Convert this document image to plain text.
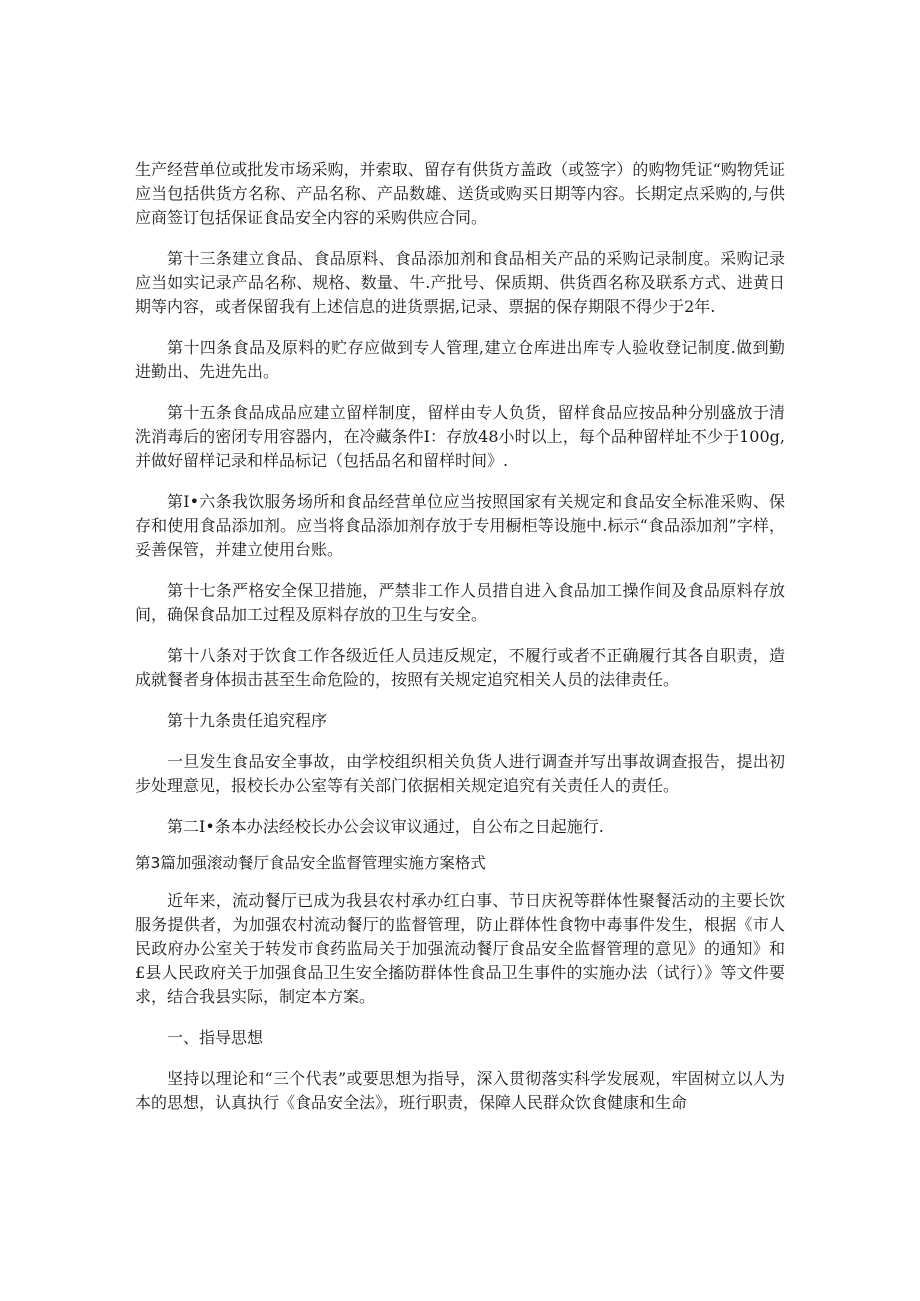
生产经营单位或批发市场采购，并索取、留存有供货方盖政（或签字）的购物凭证“购物凭证应当包括供货方名称、产品名称、产品数雄、送货或购买日期等内容。长期定点采购的,与供应商签订包括保证食品安全内容的采购供应合同。

第十三条建立食品、食品原料、食品添加剂和食品相关产品的采购记录制度。采购记录应当如实记录产品名称、规格、数量、牛.产批号、保质期、供货酉名称及联系方式、进黄日期等内容，或者保留我有上述信息的进货票据,记录、票据的保存期限不得少于2年.

第十四条食品及原料的贮存应做到专人管理,建立仓库进出库专人验收登记制度.做到勤进勤出、先进先出。

第十五条食品成品应建立留样制度，留样由专人负货，留样食品应按品种分别盛放于清洗消毒后的密闭专用容器内，在冷藏条件I：存放48小时以上，每个品种留样址不少于100g,并做好留样记录和样品标记（包括品名和留样时间》.

第I•六条我饮服务场所和食品经营单位应当按照国家有关规定和食品安全标准采购、保存和使用食品添加剂。应当将食品添加剂存放于专用橱柜等设施中.标示“食品添加剂”字样，妥善保管，并建立使用台账。

第十七条严格安全保卫措施，严禁非工作人员措自进入食品加工操作间及食品原料存放间，确保食品加工过程及原料存放的卫生与安全。

第十八条对于饮食工作各级近任人员违反规定，不履行或者不正确履行其各自职责，造成就餐者身体损击甚至生命危险的，按照有关规定追究相关人员的法律责任。

第十九条贵任追究程序

一旦发生食品安全事故，由学校组织相关负货人进行调查并写出事故调查报告，提出初步处理意见，报校长办公室等有关部门依据相关规定追究有关责任人的责任。

第二I•条本办法经校长办公会议审议通过，自公布之日起施行.

第3篇加强滚动餐厅食品安全监督管理实施方案格式

近年来，流动餐厅已成为我县农村承办红白事、节日庆祝等群体性聚餐活动的主要长饮服务提供者，为加强农村流动餐厅的监督管理，防止群体性食物中毒事件发生，根据《市人民政府办公室关于转发市食药监局关于加强流动餐厅食品安全监督管理的意见》的通知》和£县人民政府关于加强食品卫生安全搐防群体性食品卫生事件的实施办法（试行）》等文件要求，结合我县实际，制定本方案。

一、指导思想

坚持以理论和“三个代表”或要思想为指导，深入贯彻落实科学发展观，牢固树立以人为本的思想，认真执行《食品安全法》，班行职责，保障人民群众饮食健康和生命
